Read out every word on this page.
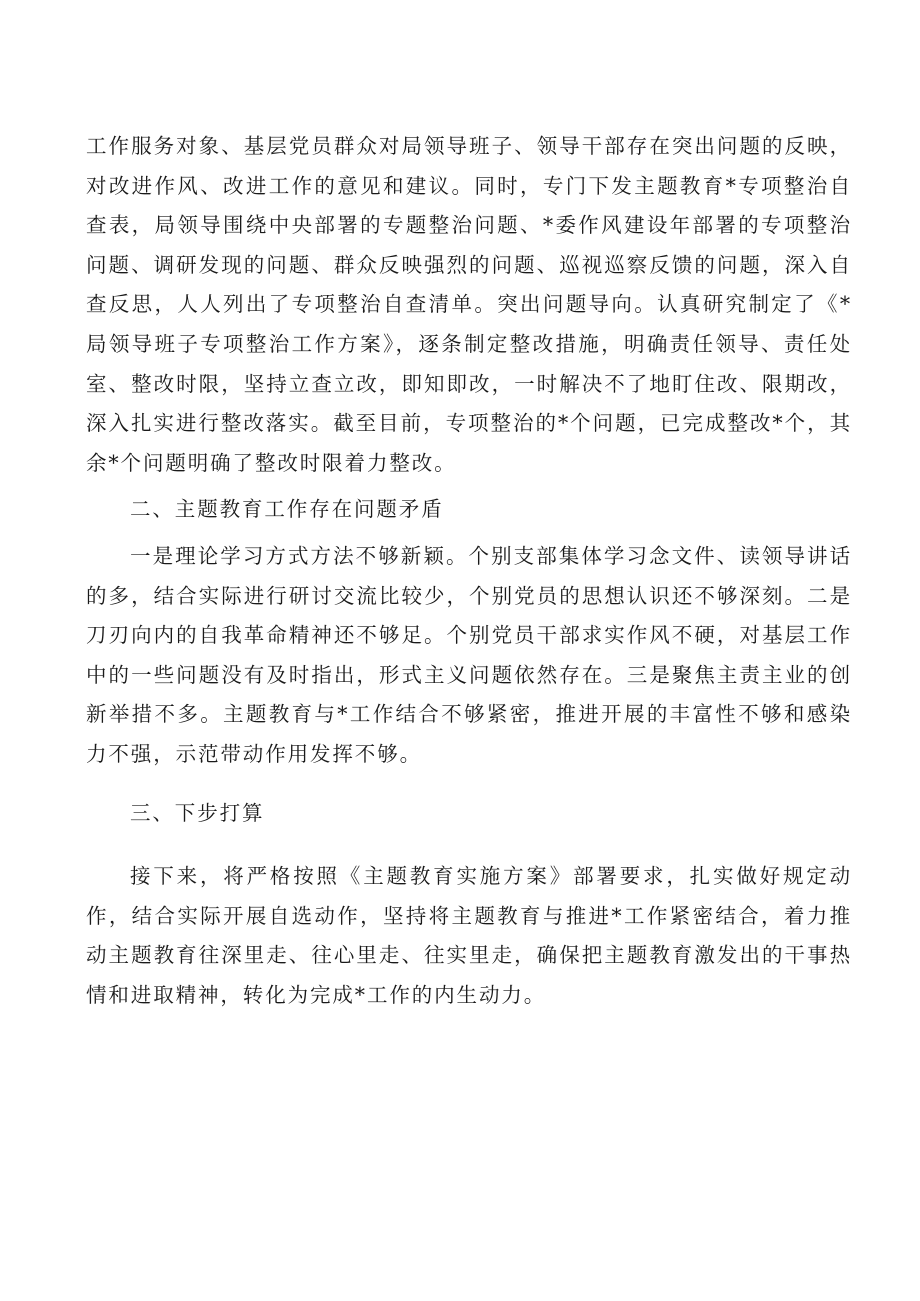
工作服务对象、基层党员群众对局领导班子、领导干部存在突出问题的反映，对改进作风、改进工作的意见和建议。同时，专门下发主题教育*专项整治自查表，局领导围绕中央部署的专题整治问题、*委作风建设年部署的专项整治问题、调研发现的问题、群众反映强烈的问题、巡视巡察反馈的问题，深入自查反思，人人列出了专项整治自查清单。突出问题导向。认真研究制定了《*局领导班子专项整治工作方案》，逐条制定整改措施，明确责任领导、责任处室、整改时限，坚持立查立改，即知即改，一时解决不了地盯住改、限期改，深入扎实进行整改落实。截至目前，专项整治的*个问题，已完成整改*个，其余*个问题明确了整改时限着力整改。

二、主题教育工作存在问题矛盾

一是理论学习方式方法不够新颖。个别支部集体学习念文件、读领导讲话的多，结合实际进行研讨交流比较少，个别党员的思想认识还不够深刻。二是刀刃向内的自我革命精神还不够足。个别党员干部求实作风不硬，对基层工作中的一些问题没有及时指出，形式主义问题依然存在。三是聚焦主责主业的创新举措不多。主题教育与*工作结合不够紧密，推进开展的丰富性不够和感染力不强，示范带动作用发挥不够。

三、下步打算

接下来，将严格按照《主题教育实施方案》部署要求，扎实做好规定动作，结合实际开展自选动作，坚持将主题教育与推进*工作紧密结合，着力推动主题教育往深里走、往心里走、往实里走，确保把主题教育激发出的干事热情和进取精神，转化为完成*工作的内生动力。
